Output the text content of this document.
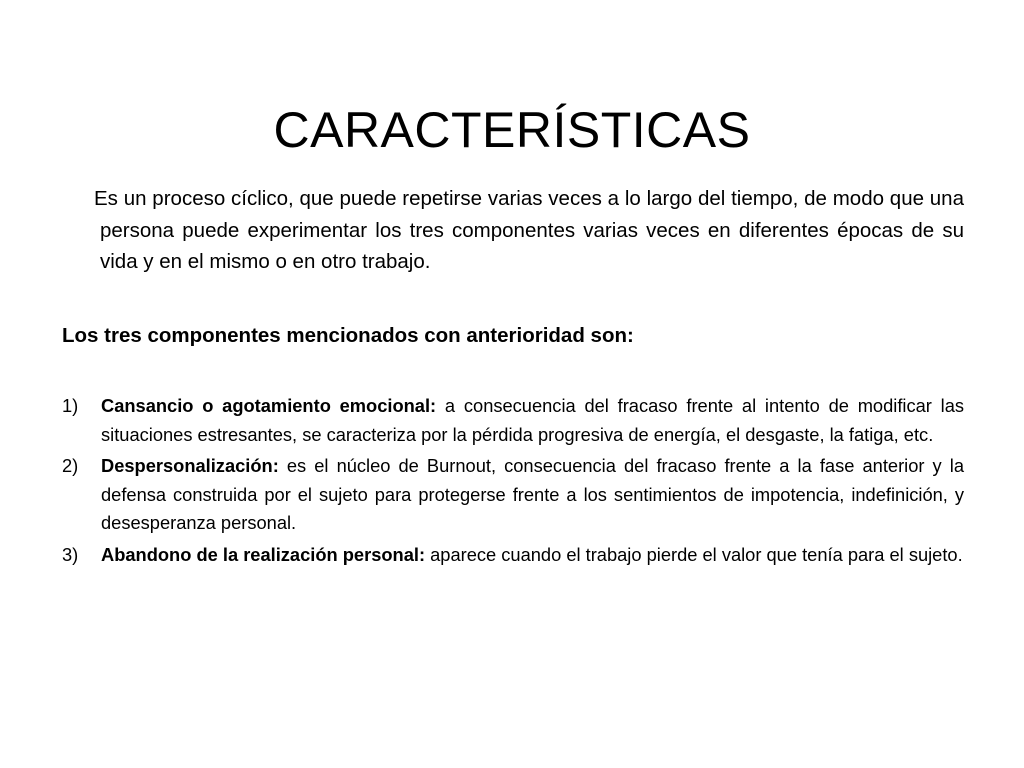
CARACTERÍSTICAS

Es un proceso cíclico, que puede repetirse varias veces a lo largo del tiempo, de modo que una persona puede experimentar los tres componentes varias veces en diferentes épocas de su vida y en el mismo o en otro trabajo.

Los tres componentes mencionados con anterioridad son:
1) Cansancio o agotamiento emocional: a consecuencia del fracaso frente al intento de modificar las situaciones estresantes, se caracteriza por la pérdida progresiva de energía, el desgaste, la fatiga, etc.
2) Despersonalización: es el núcleo de Burnout, consecuencia del fracaso frente a la fase anterior y la defensa construida por el sujeto para protegerse frente a los sentimientos de impotencia, indefinición, y desesperanza personal.
3) Abandono de la realización personal: aparece cuando el trabajo pierde el valor que tenía para el sujeto.
